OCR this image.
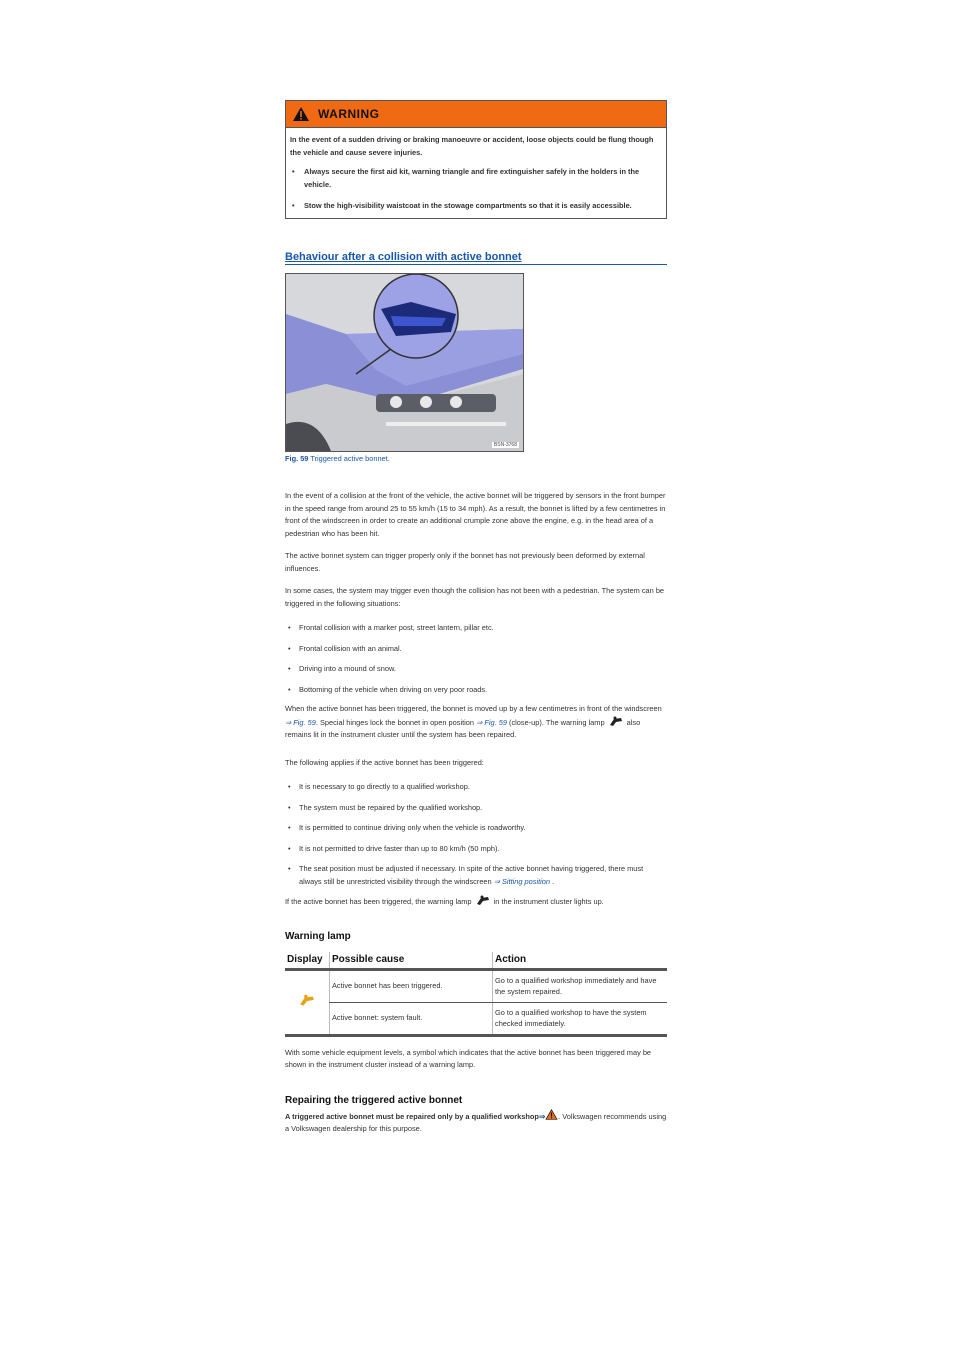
WARNING

In the event of a sudden driving or braking manoeuvre or accident, loose objects could be flung though the vehicle and cause severe injuries.

• Always secure the first aid kit, warning triangle and fire extinguisher safely in the holders in the vehicle.
• Stow the high-visibility waistcoat in the stowage compartments so that it is easily accessible.
Behaviour after a collision with active bonnet
BSN-3768
Fig. 59 Triggered active bonnet.

In the event of a collision at the front of the vehicle, the active bonnet will be triggered by sensors in the front bumper in the speed range from around 25 to 55 km/h (15 to 34 mph). As a result, the bonnet is lifted by a few centimetres in front of the windscreen in order to create an additional crumple zone above the engine, e.g. in the head area of a pedestrian who has been hit.

The active bonnet system can trigger properly only if the bonnet has not previously been deformed by external influences.

In some cases, the system may trigger even though the collision has not been with a pedestrian. The system can be triggered in the following situations:

• Frontal collision with a marker post, street lantern, pillar etc.
• Frontal collision with an animal.
• Driving into a mound of snow.
• Bottoming of the vehicle when driving on very poor roads.

When the active bonnet has been triggered, the bonnet is moved up by a few centimetres in front of the windscreen ⇒ Fig. 59. Special hinges lock the bonnet in open position ⇒ Fig. 59 (close-up). The warning lamp  also remains lit in the instrument cluster until the system has been repaired.

The following applies if the active bonnet has been triggered:

• It is necessary to go directly to a qualified workshop.
• The system must be repaired by the qualified workshop.
• It is permitted to continue driving only when the vehicle is roadworthy.
• It is not permitted to drive faster than up to 80 km/h (50 mph).
• The seat position must be adjusted if necessary. In spite of the active bonnet having triggered, there must always still be unrestricted visibility through the windscreen ⇒ Sitting position .

If the active bonnet has been triggered, the warning lamp  in the instrument cluster lights up.

Warning lamp
Display	Possible cause	Action
	Active bonnet has been triggered.	Go to a qualified workshop immediately and have the system repaired.
	Active bonnet: system fault.	Go to a qualified workshop to have the system checked immediately.

With some vehicle equipment levels, a symbol which indicates that the active bonnet has been triggered may be shown in the instrument cluster instead of a warning lamp.

Repairing the triggered active bonnet

A triggered active bonnet must be repaired only by a qualified workshop⇒ . Volkswagen recommends using a Volkswagen dealership for this purpose.
